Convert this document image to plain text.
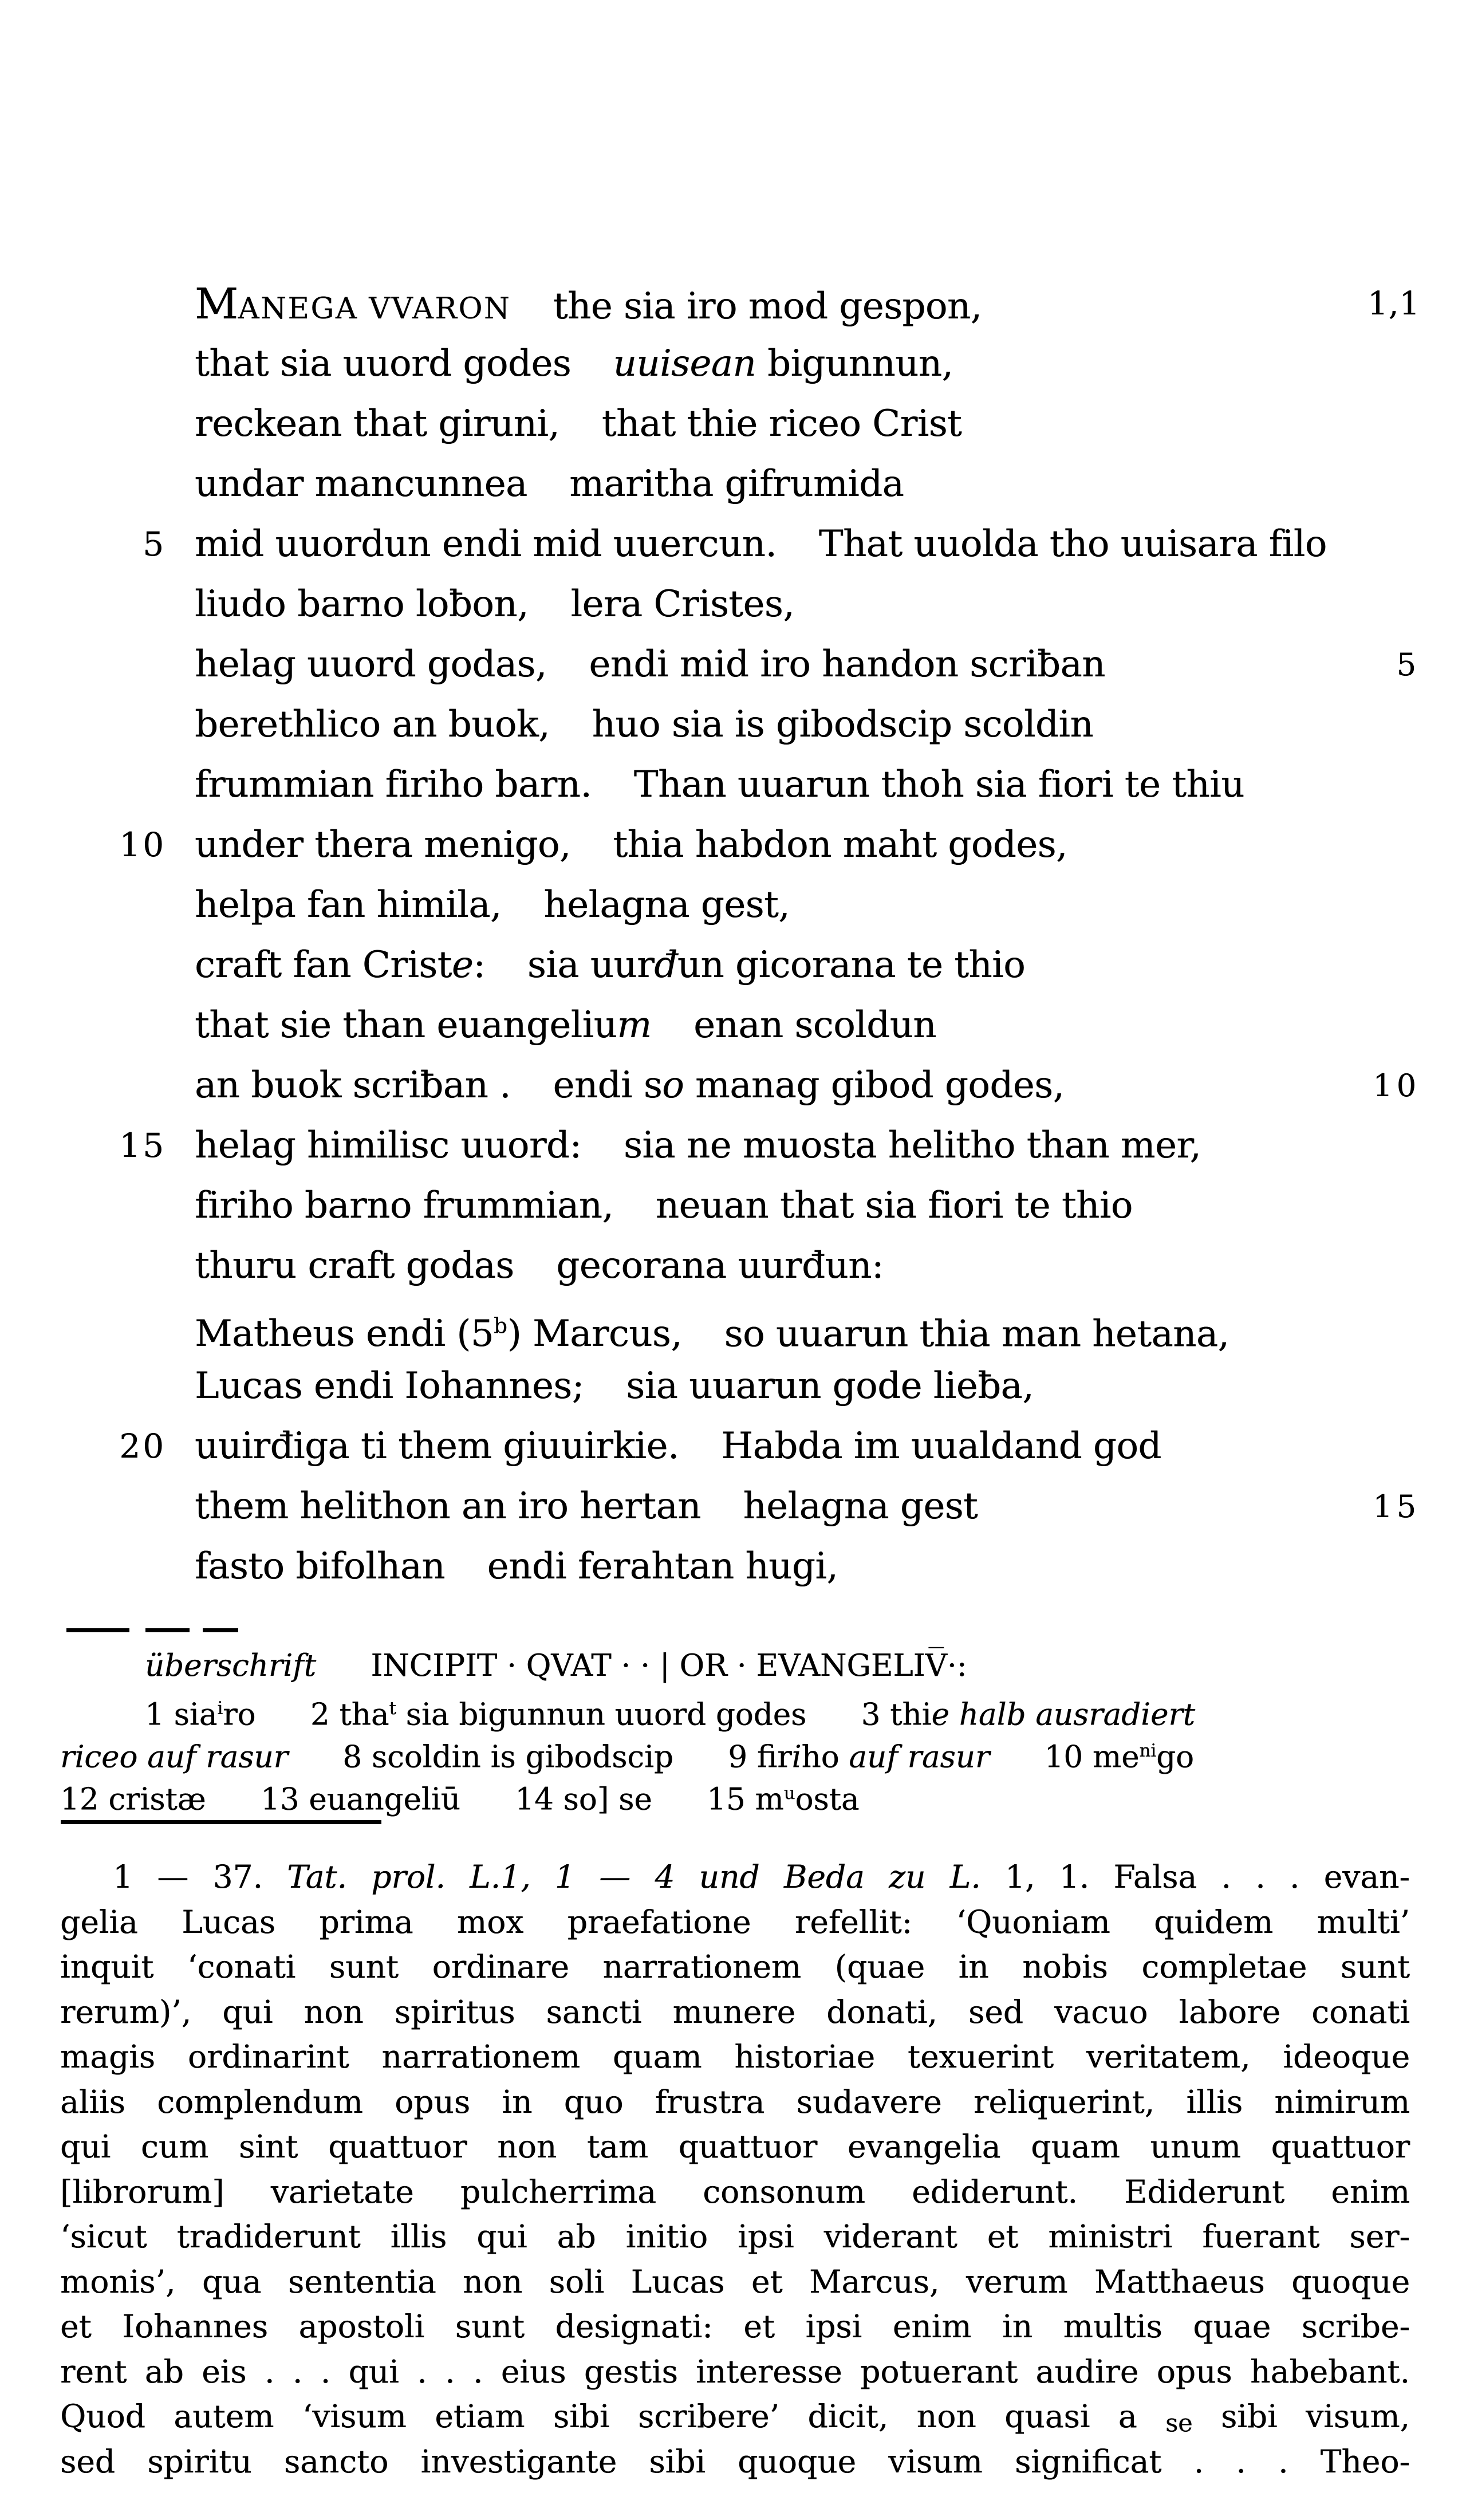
MANEGA VVARON the sia iro mod gespon,	1,1
that sia uuord godes uuisean bigunnun,
reckean that giruni, that thie riceo Crist
undar mancunnea maritha gifrumida
5 mid uuordun endi mid uuercun. That uuolda tho uuisara filo
liudo barno loƀon, lera Cristes,
helag uuord godas, endi mid iro handon scriƀan	5
berethlico an buok, huo sia is gibodscip scoldin
frummian firiho barn. Than uuarun thoh sia fiori te thiu
10 under thera menigo, thia habdon maht godes,
helpa fan himila, helagna gest,
craft fan Criste: sia uurđun gicorana te thio
that sie than euangelium enan scoldun
an buok scriƀan . endi so manag gibod godes,	10
15 helag himilisc uuord: sia ne muosta helitho than mer,
firiho barno frummian, neuan that sia fiori te thio
thuru craft godas gecorana uurđun:
Matheus endi (5$^b$) Marcus, so uuarun thia man hetana,
Lucas endi Iohannes; sia uuarun gode lieƀa,
20 uuirđiga ti them giuuirkie. Habda im uualdand god
them helithon an iro hertan helagna gest	15
fasto bifolhan endi ferahtan hugi,
überschrift INCIPIT · QVAT · · | OR · EVANGELIV̅·:
1 sia$^i$ro 2 tha$^t$ sia bigunnun uuord godes 3 thie halb ausradiert
riceo auf rasur 8 scoldin is gibodscip 9 firiho auf rasur 10 $me^{ni}go$
12 cristæ 13 euangeliū 14 so] se 15 $m^uosta$
1 — 37. Tat. prol. L.1, 1 — 4 und Beda zu L. 1, 1. Falsa . . . evan-
gelia Lucas prima mox praefatione refellit: ‘Quoniam quidem multi’
inquit ‘conati sunt ordinare narrationem (quae in nobis completae sunt
rerum)’, qui non spiritus sancti munere donati, sed vacuo labore conati
magis ordinarint narrationem quam historiae texuerint veritatem, ideoque
aliis complendum opus in quo frustra sudavere reliquerint, illis nimirum
qui cum sint quattuor non tam quattuor evangelia quam unum quattuor
[librorum] varietate pulcherrima consonum ediderunt. Ediderunt enim
‘sicut tradiderunt illis qui ab initio ipsi viderant et ministri fuerant ser-
monis’, qua sententia non soli Lucas et Marcus, verum Matthaeus quoque
et Iohannes apostoli sunt designati: et ipsi enim in multis quae scribe-
rent ab eis . . . qui . . . eius gestis interesse potuerant audire opus habebant.
Quod autem ‘visum etiam sibi scribere’ dicit, non quasi a se sibi visum,
sed spiritu sancto investigante sibi quoque visum significat . . . Theo-
